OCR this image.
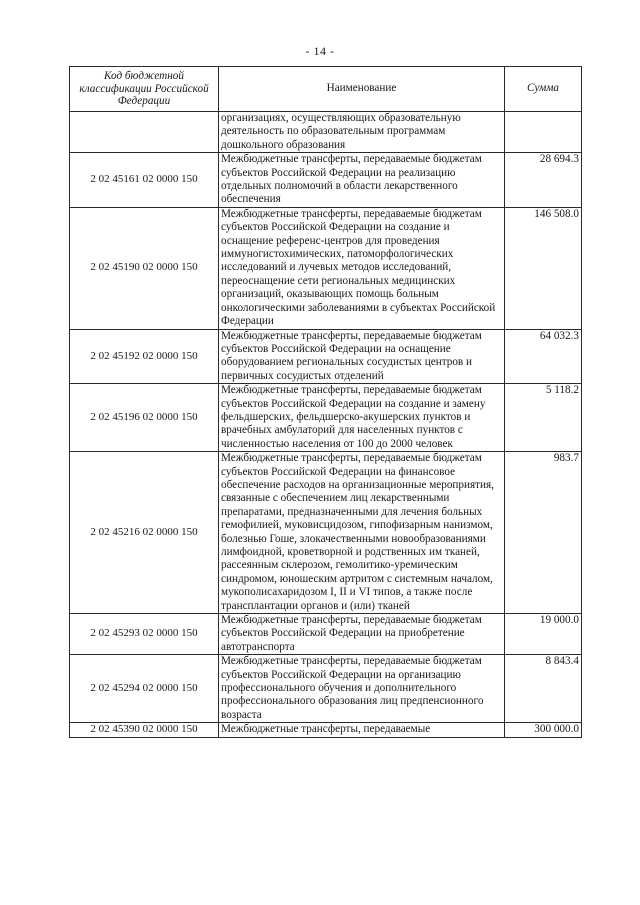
- 14 -
Код бюджетной классификации Российской Федерации	Наименование	Сумма
	организациях, осуществляющих образовательную деятельность по образовательным программам дошкольного образования	
2 02 45161 02 0000 150	Межбюджетные трансферты, передаваемые бюджетам субъектов Российской Федерации на реализацию отдельных полномочий в области лекарственного обеспечения	28 694.3
2 02 45190 02 0000 150	Межбюджетные трансферты, передаваемые бюджетам субъектов Российской Федерации на создание и оснащение референс-центров для проведения иммуногистохимических, патоморфологических исследований и лучевых методов исследований, переоснащение сети региональных медицинских организаций, оказывающих помощь больным онкологическими заболеваниями в субъектах Российской Федерации	146 508.0
2 02 45192 02 0000 150	Межбюджетные трансферты, передаваемые бюджетам субъектов Российской Федерации на оснащение оборудованием региональных сосудистых центров и первичных сосудистых отделений	64 032.3
2 02 45196 02 0000 150	Межбюджетные трансферты, передаваемые бюджетам субъектов Российской Федерации на создание и замену фельдшерских, фельдшерско-акушерских пунктов и врачебных амбулаторий для населенных пунктов с численностью населения от 100 до 2000 человек	5 118.2
2 02 45216 02 0000 150	Межбюджетные трансферты, передаваемые бюджетам субъектов Российской Федерации на финансовое обеспечение расходов на организационные мероприятия, связанные с обеспечением лиц лекарственными препаратами, предназначенными для лечения больных гемофилией, муковисцидозом, гипофизарным нанизмом, болезнью Гоше, злокачественными новообразованиями лимфоидной, кроветворной и родственных им тканей, рассеянным склерозом, гемолитико-уремическим синдромом, юношеским артритом с системным началом, мукополисахаридозом I, II и VI типов, а также после трансплантации органов и (или) тканей	983.7
2 02 45293 02 0000 150	Межбюджетные трансферты, передаваемые бюджетам субъектов Российской Федерации на приобретение автотранспорта	19 000.0
2 02 45294 02 0000 150	Межбюджетные трансферты, передаваемые бюджетам субъектов Российской Федерации на организацию профессионального обучения и дополнительного профессионального образования лиц предпенсионного возраста	8 843.4
2 02 45390 02 0000 150	Межбюджетные трансферты, передаваемые	300 000.0
